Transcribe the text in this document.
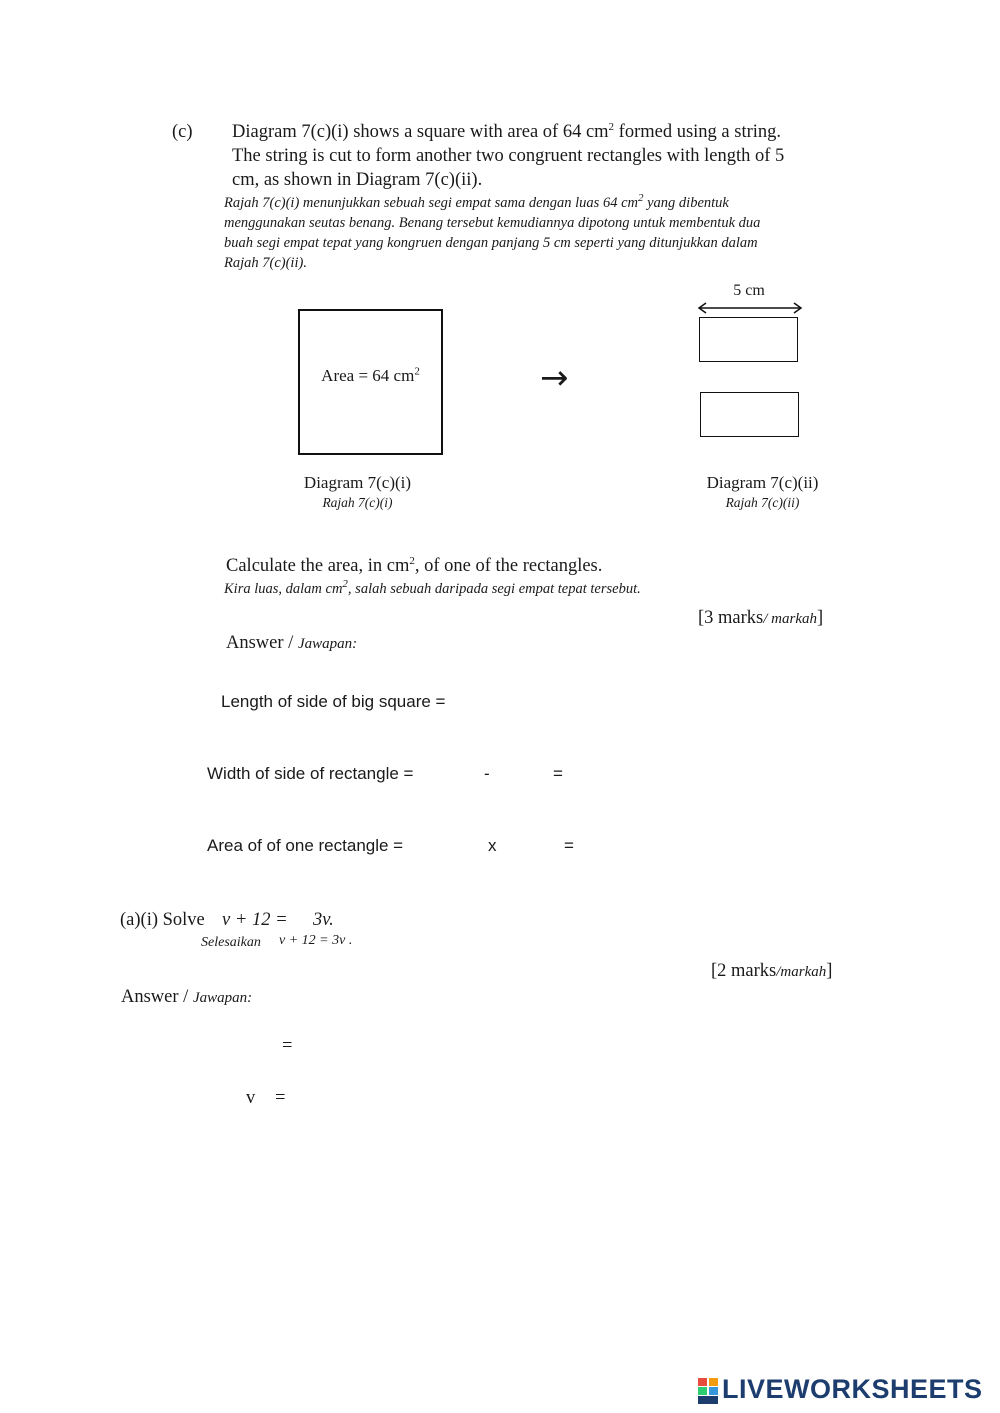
(c) Diagram 7(c)(i) shows a square with area of 64 $cm^2$ formed using a string.
The string is cut to form another two congruent rectangles with length of 5
cm, as shown in Diagram 7(c)(ii).
Rajah 7(c)(i) menunjukkan sebuah segi empat sama dengan luas 64 $cm^2$ yang dibentuk
menggunakan seutas benang. Benang tersebut kemudiannya dipotong untuk membentuk dua
buah segi empat tepat yang kongruen dengan panjang 5 cm seperti yang ditunjukkan dalam
Rajah 7(c)(ii).
Area = 64 $cm^2$
Diagram 7(c)(i)
Rajah 7(c)(i)
→
5 cm
Diagram 7(c)(ii)
Rajah 7(c)(ii)
Calculate the area, in $cm^2$, of one of the rectangles.
Kira luas, dalam $cm^2$, salah sebuah daripada segi empat tepat tersebut.
[3 marks/ markah]
Answer / Jawapan:
Length of side of big square =
Width of side of rectangle =	-	=
Area of of one rectangle =	x	=
(a)(i) Solve v + 12 = 3v.
Selesaikan v + 12 = 3v .
[2 marks/markah]
Answer / Jawapan:
=
v =
LIVEWORKSHEETS
